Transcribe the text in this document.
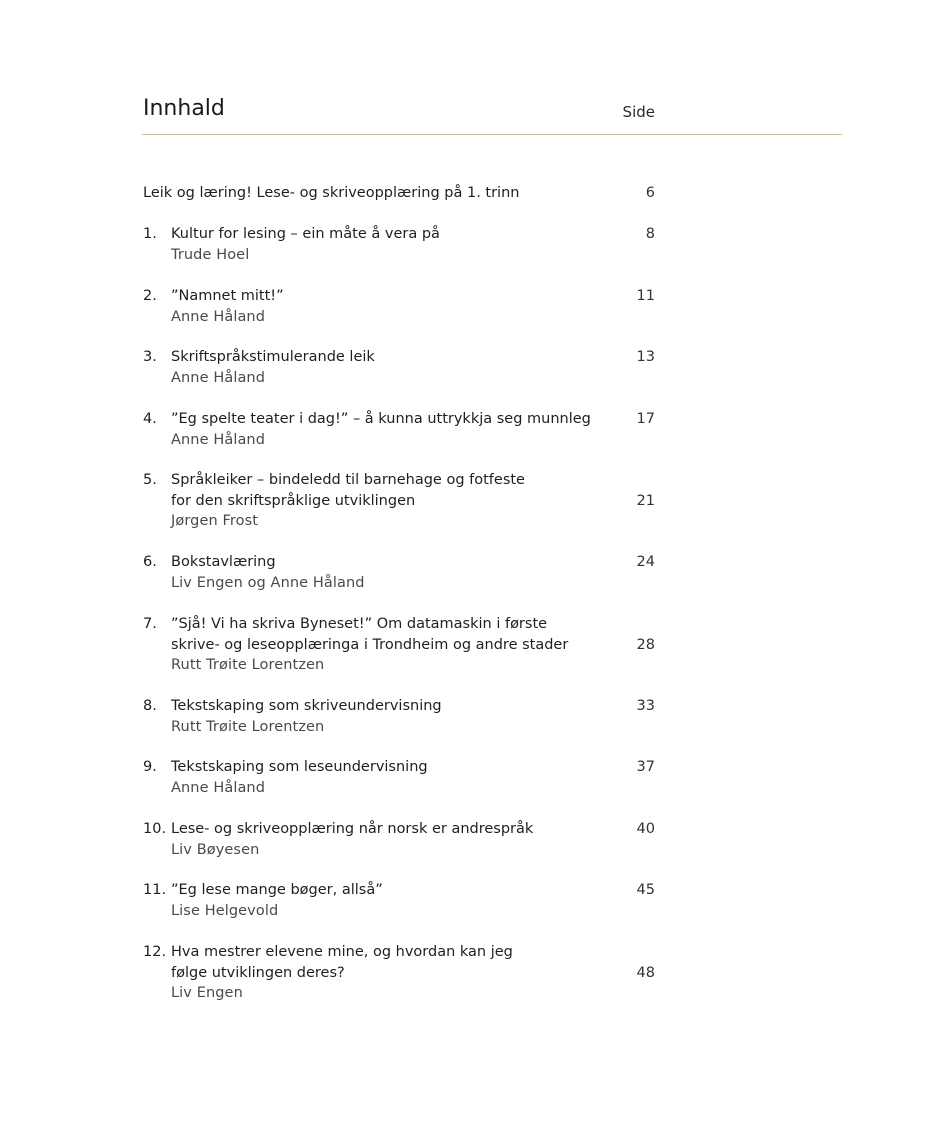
Innhald	Side
Leik og læring! Lese- og skriveopplæring på 1. trinn	6
1. Kultur for lesing – ein måte å vera på
Trude Hoel
8
2. ”Namnet mitt!”
Anne Håland
11
3. Skriftspråkstimulerande leik
Anne Håland
13
4. ”Eg spelte teater i dag!” – å kunna uttrykkja seg munnleg
Anne Håland
17
5. Språkleiker – bindeledd til barnehage og fotfeste
for den skriftspråklige utviklingen
Jørgen Frost
21
6. Bokstavlæring
Liv Engen og Anne Håland
24
7. ”Sjå! Vi ha skriva Byneset!” Om datamaskin i første
skrive- og leseopplæringa i Trondheim og andre stader
Rutt Trøite Lorentzen
28
8. Tekstskaping som skriveundervisning
Rutt Trøite Lorentzen
33
9. Tekstskaping som leseundervisning
Anne Håland
37
10. Lese- og skriveopplæring når norsk er andrespråk
Liv Bøyesen
40
11. ”Eg lese mange bøger, allså”
Lise Helgevold
45
12. Hva mestrer elevene mine, og hvordan kan jeg
følge utviklingen deres?
Liv Engen
48
